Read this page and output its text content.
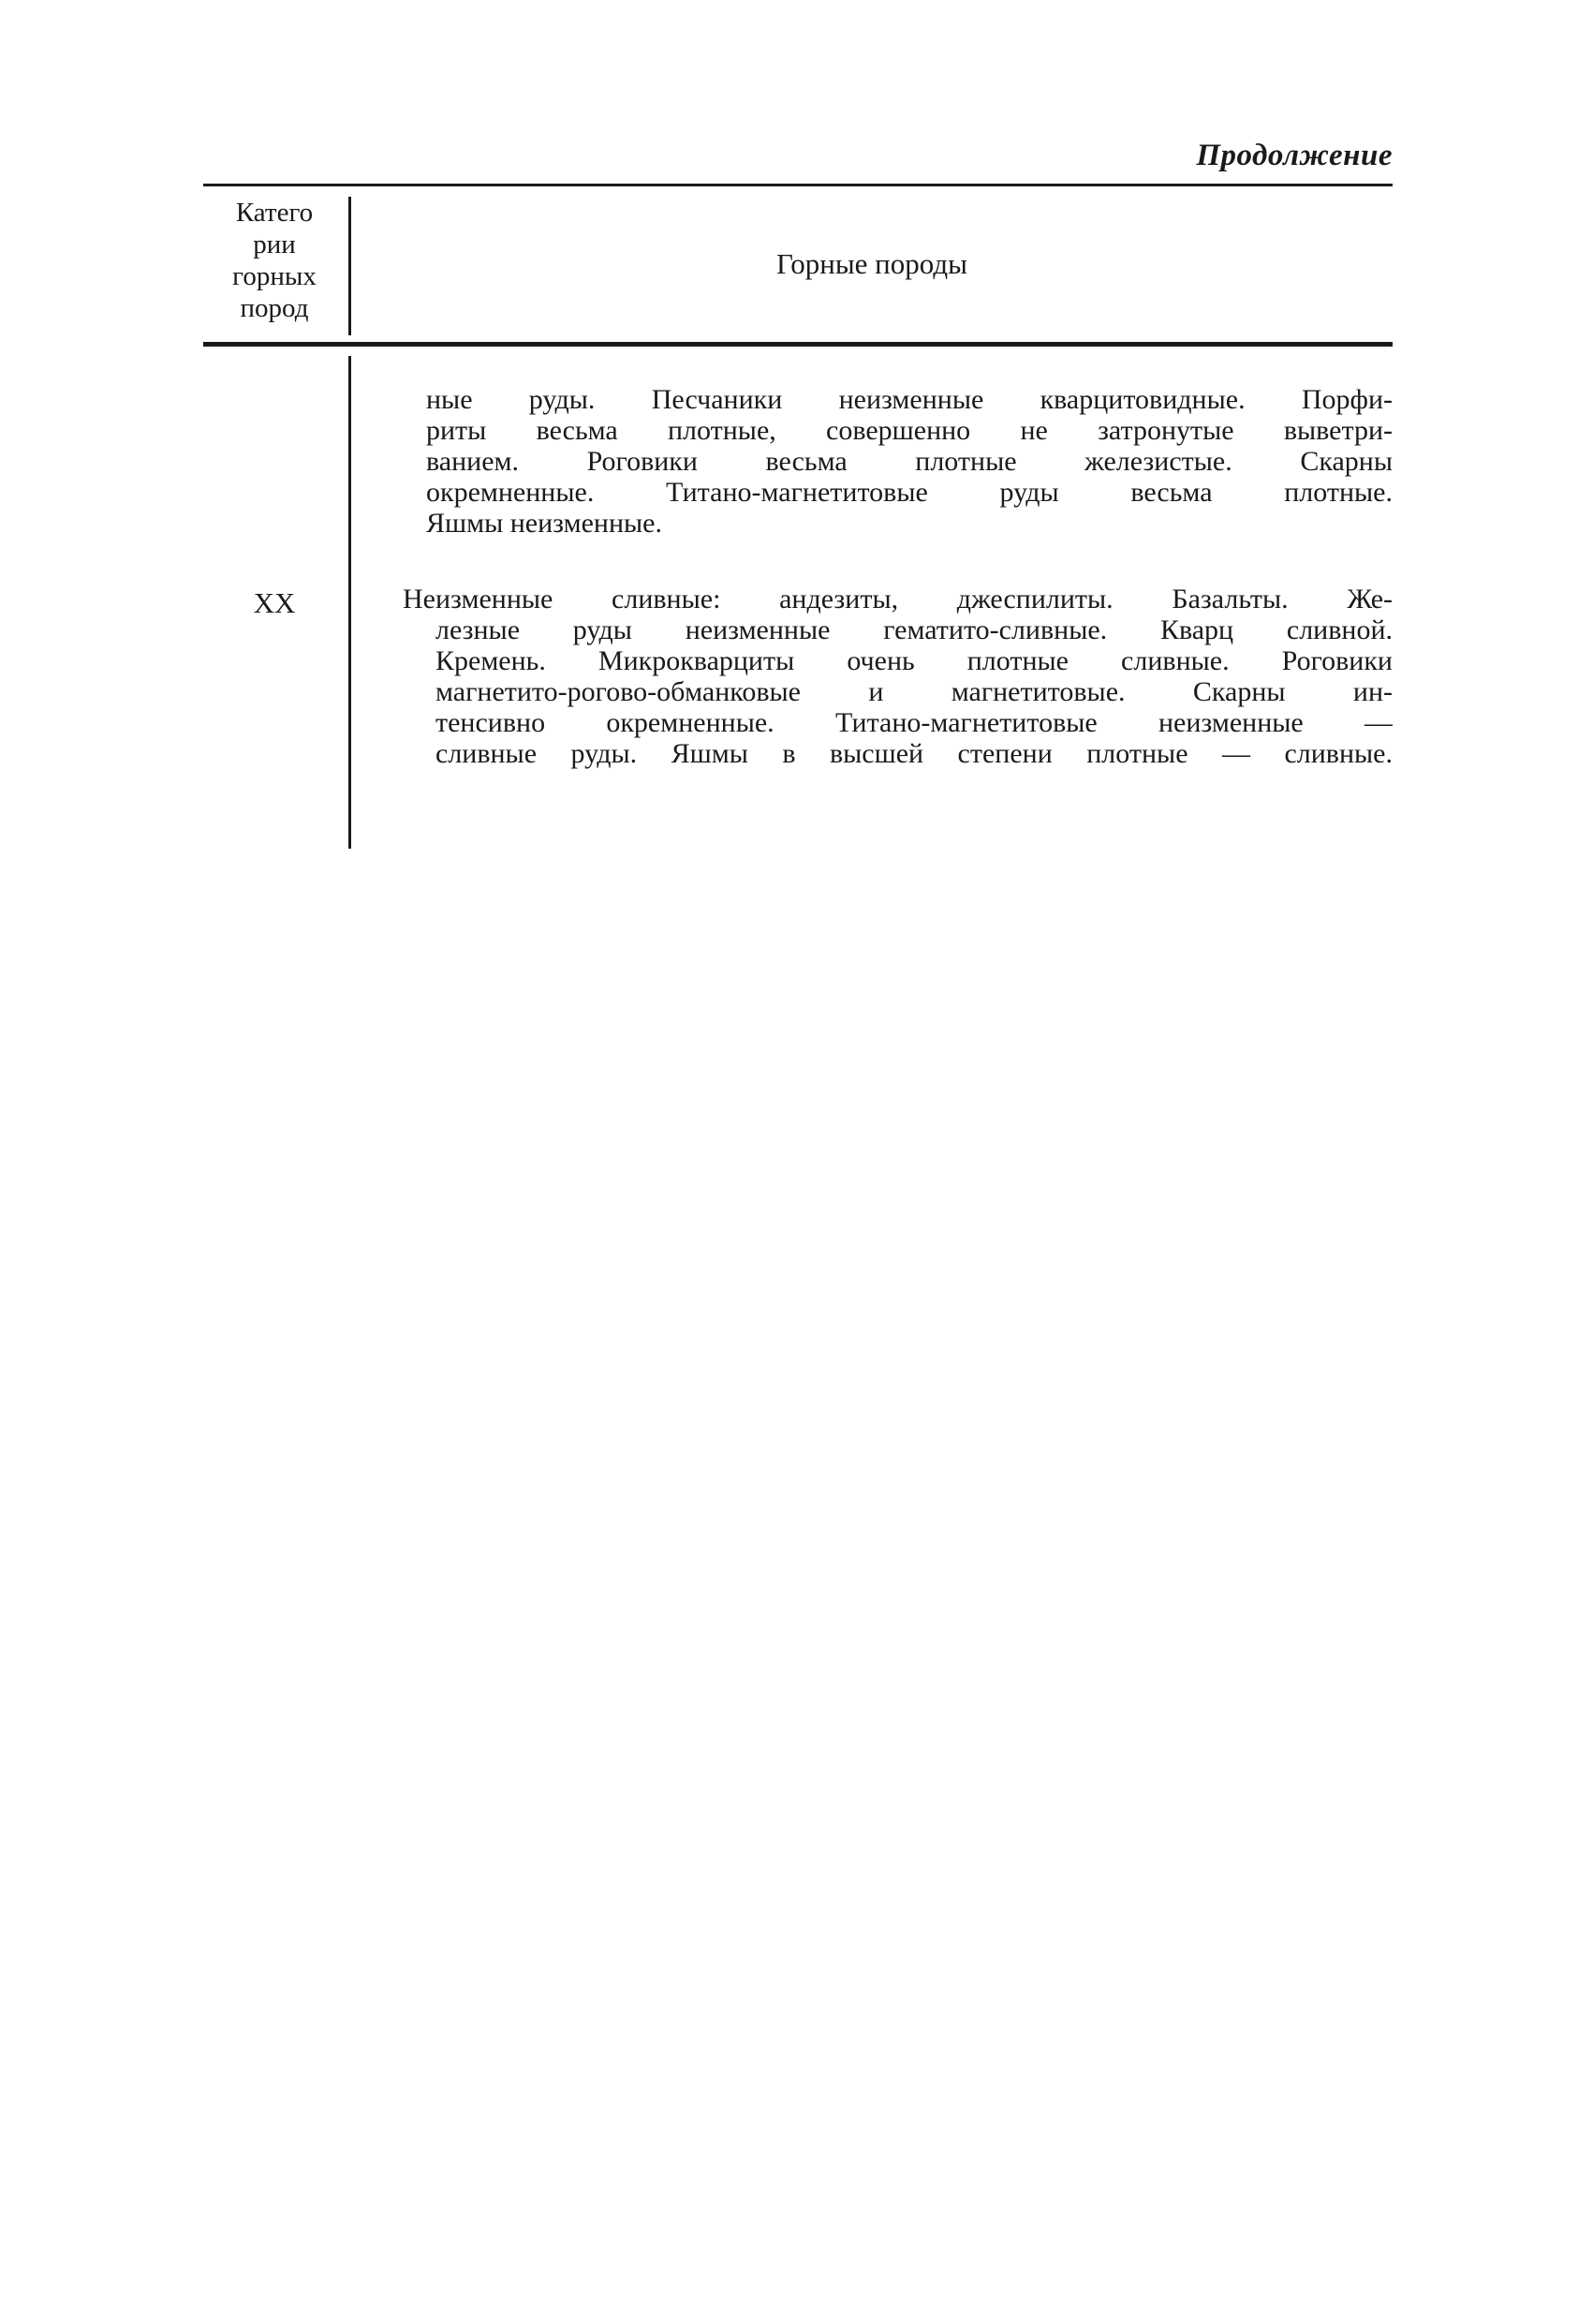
Продолжение
Катего
рии
горных
пород
Горные породы
ные руды. Песчаники неизменные кварцитовидные. Порфи-
риты весьма плотные, совершенно не затронутые выветри-
ванием. Роговики весьма плотные железистые. Скарны
окремненные. Титано-магнетитовые руды весьма плотные.
Яшмы неизменные.
XX	Неизменные сливные: андезиты, джеспилиты. Базальты. Же-
лезные руды неизменные гематито-сливные. Кварц сливной.
Кремень. Микрокварциты очень плотные сливные. Роговики
магнетито-рогово-обманковые и магнетитовые. Скарны ин-
тенсивно окремненные. Титано-магнетитовые неизменные —
сливные руды. Яшмы в высшей степени плотные — сливные.
